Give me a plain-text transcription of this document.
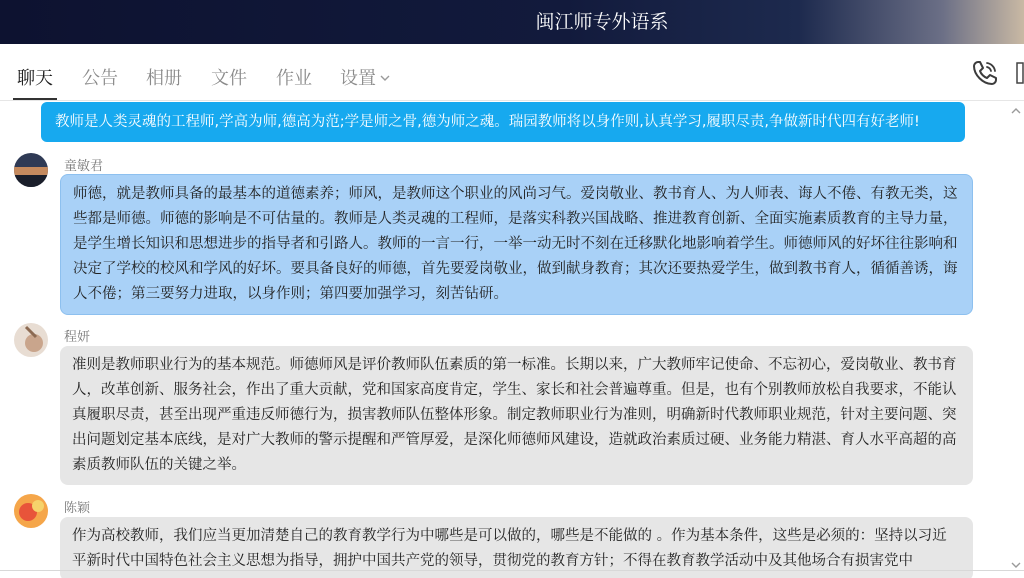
闽江师专外语系
聊天 公告 相册 文件 作业 设置
教师是人类灵魂的工程师,学高为师,德高为范;学是师之骨,德为师之魂。瑞园教师将以身作则,认真学习,履职尽责,争做新时代四有好老师!
童敏君
师德，就是教师具备的最基本的道德素养；师风，是教师这个职业的风尚习气。爱岗敬业、教书育人、为人师表、诲人不倦、有教无类，这些都是师德。师德的影响是不可估量的。教师是人类灵魂的工程师，是落实科教兴国战略、推进教育创新、全面实施素质教育的主导力量，是学生增长知识和思想进步的指导者和引路人。教师的一言一行，一举一动无时不刻在迁移默化地影响着学生。师德师风的好坏往往影响和决定了学校的校风和学风的好坏。要具备良好的师德，首先要爱岗敬业，做到献身教育；其次还要热爱学生，做到教书育人，循循善诱，诲人不倦；第三要努力进取，以身作则；第四要加强学习，刻苦钻研。
程妍
准则是教师职业行为的基本规范。师德师风是评价教师队伍素质的第一标准。长期以来，广大教师牢记使命、不忘初心，爱岗敬业、教书育人，改革创新、服务社会，作出了重大贡献，党和国家高度肯定，学生、家长和社会普遍尊重。但是，也有个别教师放松自我要求，不能认真履职尽责，甚至出现严重违反师德行为，损害教师队伍整体形象。制定教师职业行为准则，明确新时代教师职业规范，针对主要问题、突出问题划定基本底线，是对广大教师的警示提醒和严管厚爱，是深化师德师风建设，造就政治素质过硬、业务能力精湛、育人水平高超的高素质教师队伍的关键之举。
陈颖
作为高校教师，我们应当更加清楚自己的教育教学行为中哪些是可以做的，哪些是不能做的 。作为基本条件，这些是必须的：坚持以习近平新时代中国特色社会主义思想为指导，拥护中国共产党的领导，贯彻党的教育方针；不得在教育教学活动中及其他场合有损害党中
